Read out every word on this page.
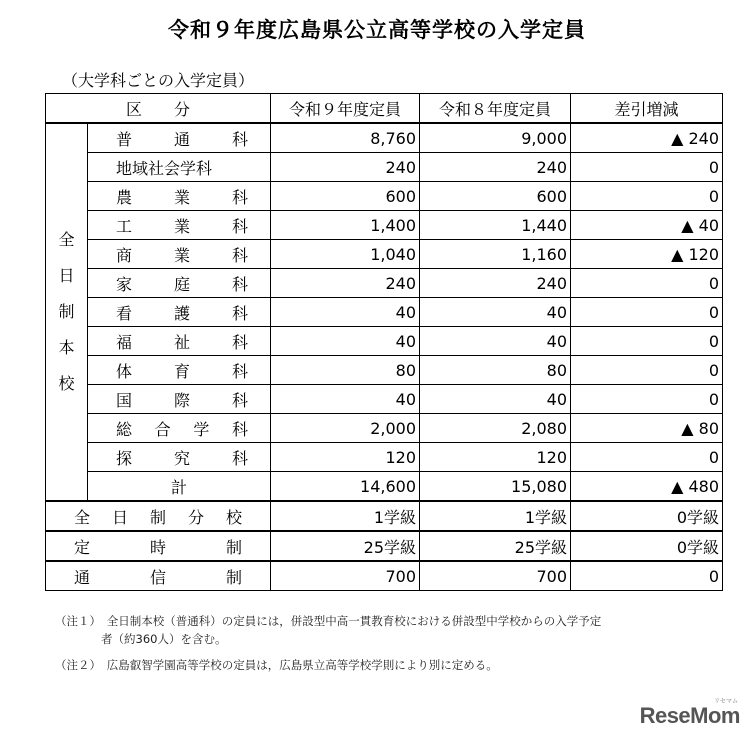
令和９年度広島県公立高等学校の入学定員
（大学科ごとの入学定員）
区　　分		令和９年度定員	令和８年度定員	差引増減

全
日
制
本
校	普通科	8,760	9,000	▲ 240
	地域社会学科	240	240	0
	農業科	600	600	0
	工業科	1,400	1,440	▲ 40
	商業科	1,040	1,160	▲ 120
	家庭科	240	240	0
	看護科	40	40	0
	福祉科	40	40	0
	体育科	80	80	0
	国際科	40	40	0
	総合学科	2,000	2,080	▲ 80
	探究科	120	120	0
	計	14,600	15,080	▲ 480
全日制分校		1学級	1学級	0学級
定時制		25学級	25学級	0学級
通信制		700	700	0
（注１）　全日制本校（普通科）の定員には，併設型中高一貫教育校における併設型中学校からの入学予定
　　　　者（約360人）を含む。
（注２）　広島叡智学園高等学校の定員は，広島県立高等学校学則により別に定める。
リセマム
ReseMom
